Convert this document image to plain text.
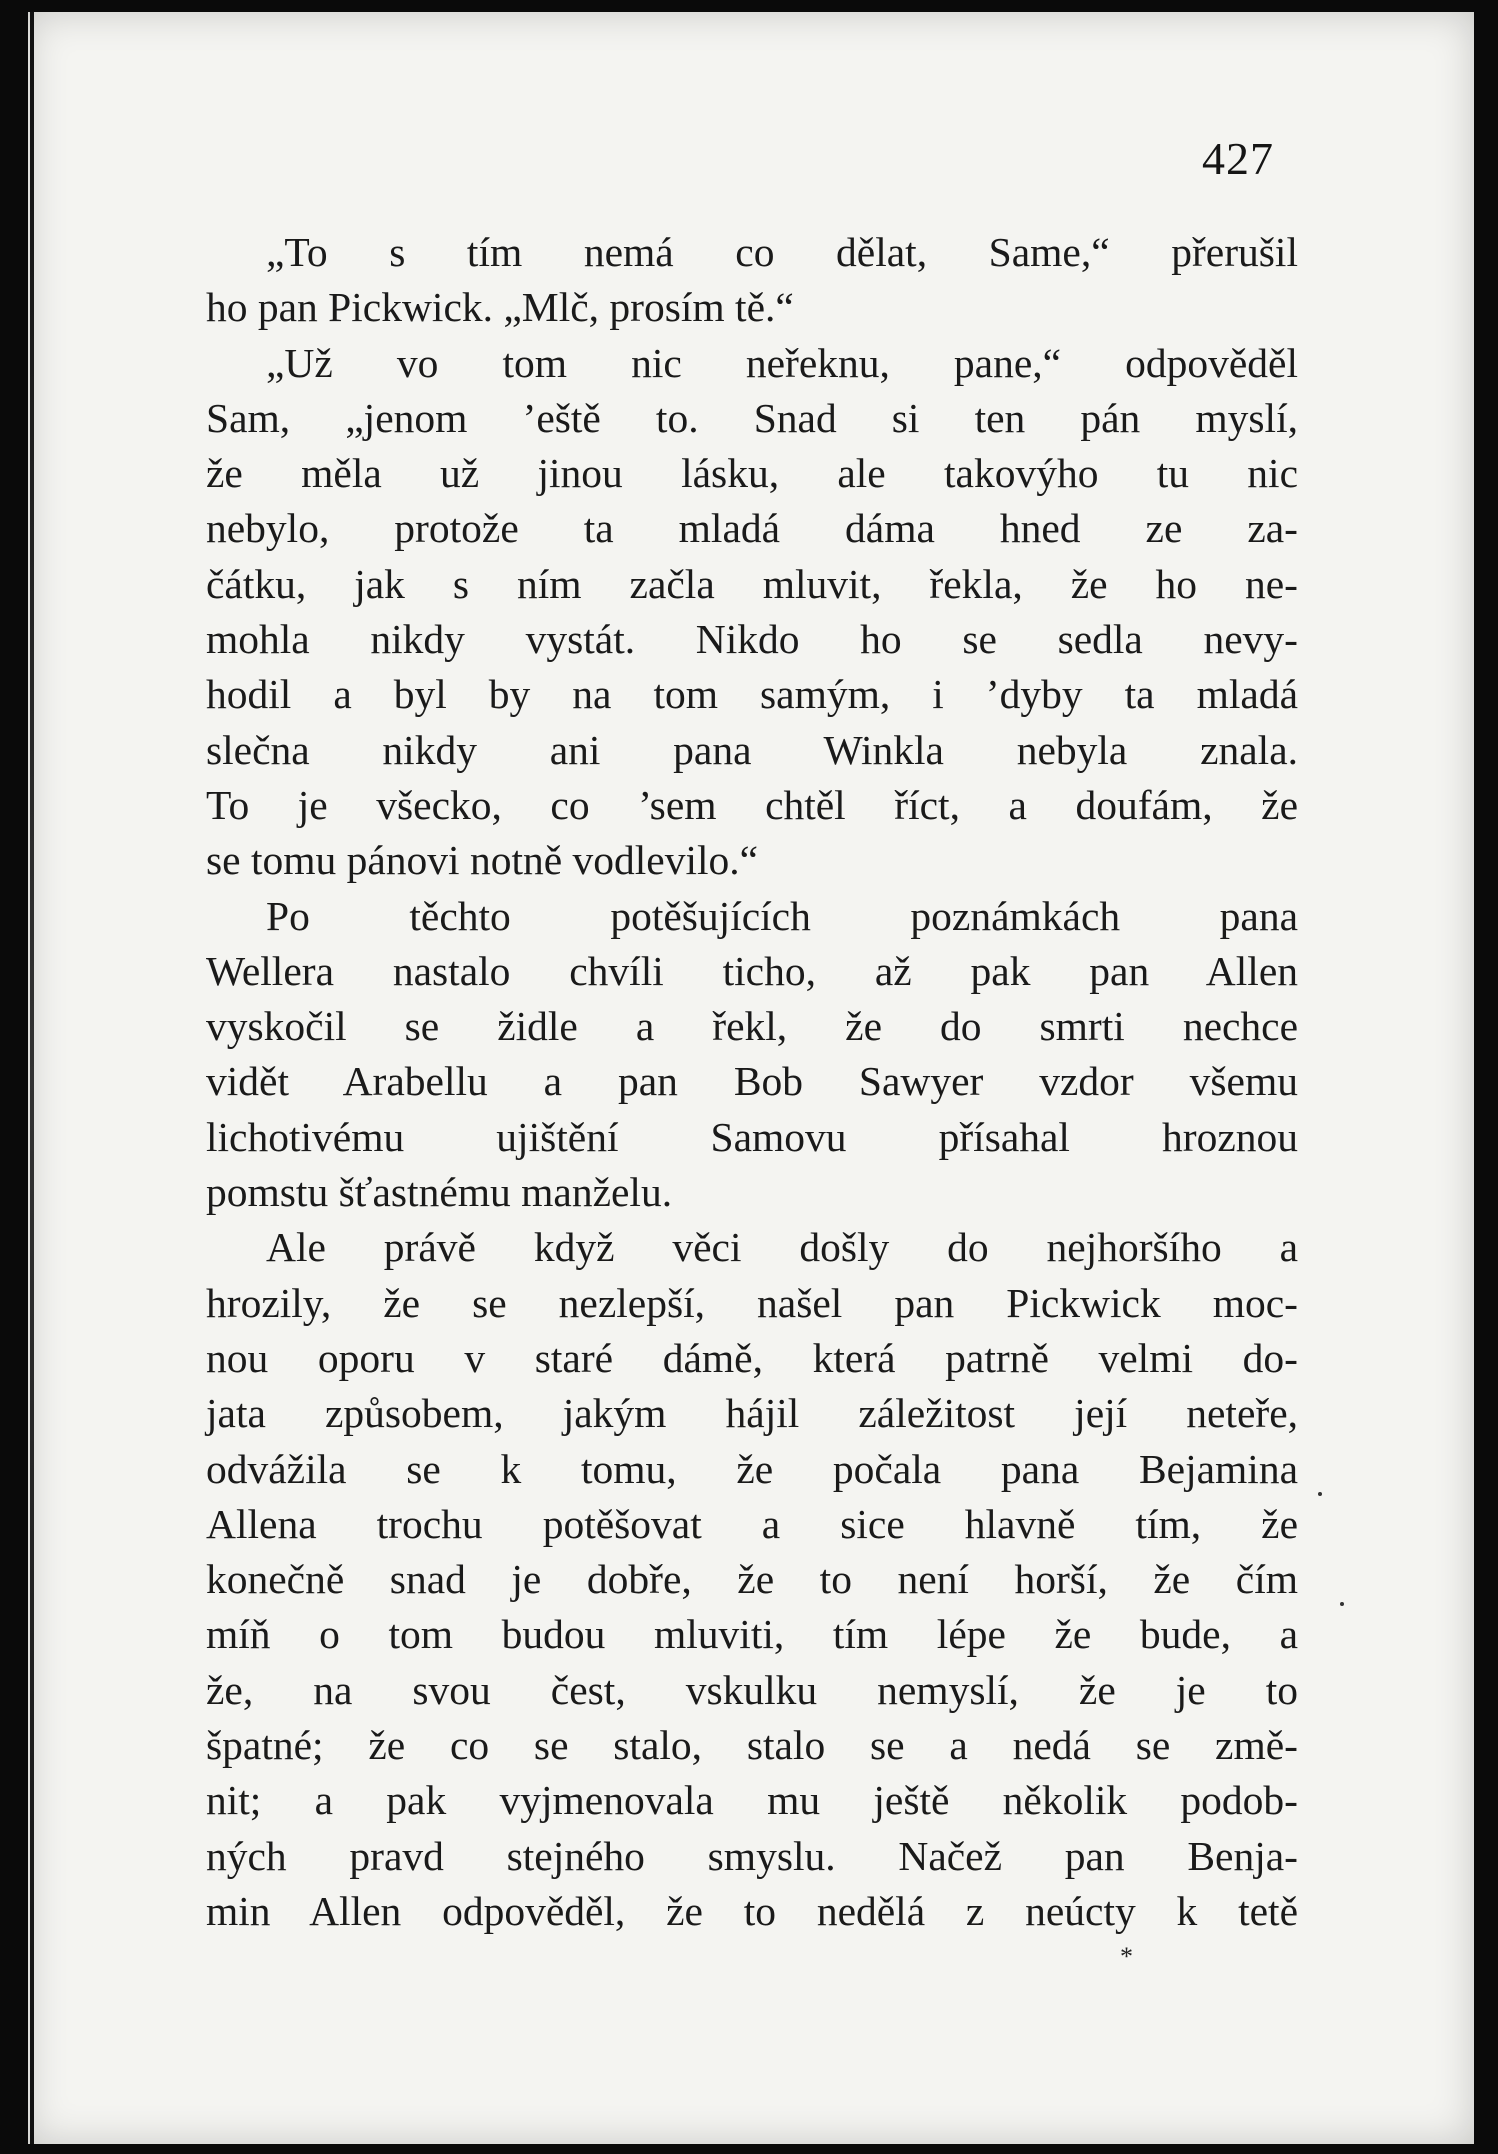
427
„To s tím nemá co dělat, Same,“ přerušil
ho pan Pickwick. „Mlč, prosím tě.“
„Už vo tom nic neřeknu, pane,“ odpověděl
Sam, „jenom ’eště to. Snad si ten pán myslí,
že měla už jinou lásku, ale takovýho tu nic
nebylo, protože ta mladá dáma hned ze za-
čátku, jak s ním začla mluvit, řekla, že ho ne-
mohla nikdy vystát. Nikdo ho se sedla nevy-
hodil a byl by na tom samým, i ’dyby ta mladá
slečna nikdy ani pana Winkla nebyla znala.
To je všecko, co ’sem chtěl říct, a doufám, že
se tomu pánovi notně vodlevilo.“
Po těchto potěšujících poznámkách pana
Wellera nastalo chvíli ticho, až pak pan Allen
vyskočil se židle a řekl, že do smrti nechce
vidět Arabellu a pan Bob Sawyer vzdor všemu
lichotivému ujištění Samovu přísahal hroznou
pomstu šťastnému manželu.
Ale právě když věci došly do nejhoršího a
hrozily, že se nezlepší, našel pan Pickwick moc-
nou oporu v staré dámě, která patrně velmi do-
jata způsobem, jakým hájil záležitost její neteře,
odvážila se k tomu, že počala pana Bejamina
Allena trochu potěšovat a sice hlavně tím, že
konečně snad je dobře, že to není horší, že čím
míň o tom budou mluviti, tím lépe že bude, a
že, na svou čest, vskulku nemyslí, že je to
špatné; že co se stalo, stalo se a nedá se změ-
nit; a pak vyjmenovala mu ještě několik podob-
ných pravd stejného smyslu. Načež pan Benja-
min Allen odpověděl, že to nedělá z neúcty k tetě
*
